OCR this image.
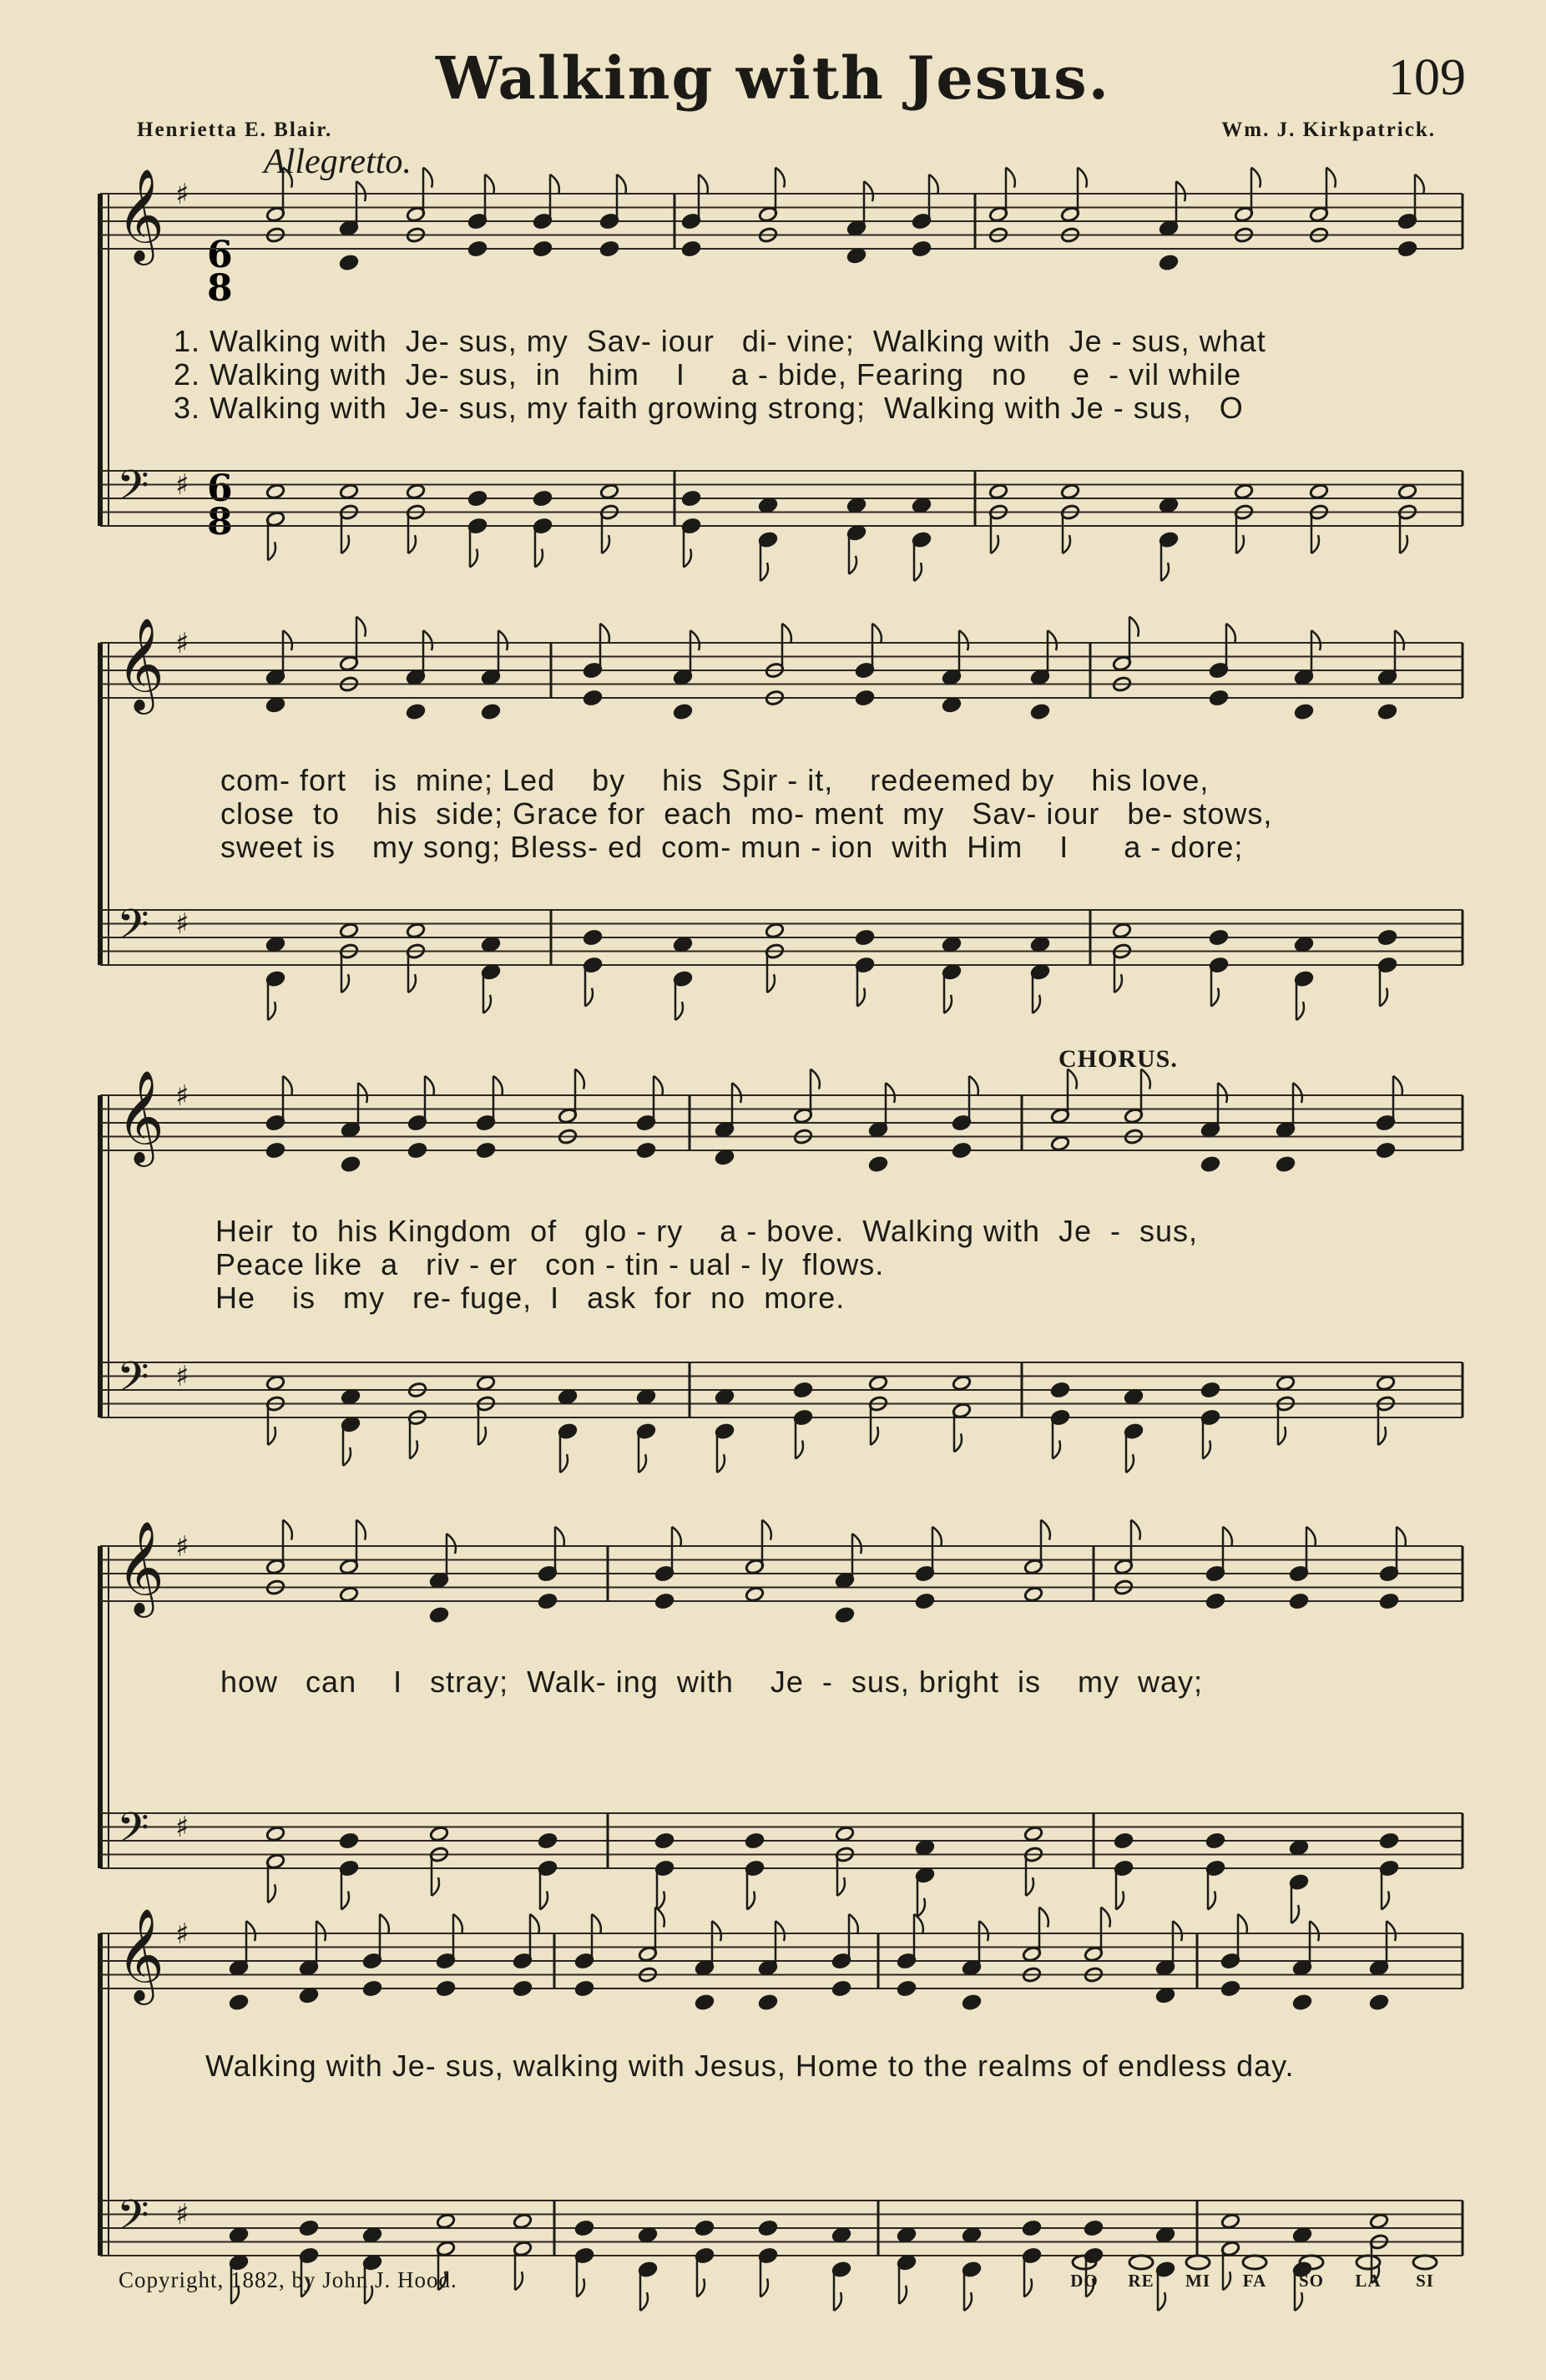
Walking with Jesus.	109
Henrietta E. Blair.	Wm. J. Kirkpatrick.
Allegretto.
CHORUS.
6
8
6
8
𝄞 ♯
𝄢 ♯
𝄞 ♯
𝄢 ♯
𝄞 ♯
𝄢 ♯
𝄞 ♯
𝄢 ♯
𝄞 ♯
𝄢 ♯
1. Walking with  Je- sus, my  Sav- iour   di- vine;  Walking with  Je - sus, what
2. Walking with  Je- sus,  in   him    I     a - bide, Fearing   no     e  - vil while
3. Walking with  Je- sus, my faith growing strong;  Walking with Je - sus,   O
com- fort   is  mine; Led    by    his  Spir - it,    redeemed by    his love,
close  to    his  side; Grace for  each  mo- ment  my   Sav- iour   be- stows,
sweet is    my song; Bless- ed  com- mun - ion  with  Him    I      a - dore;
Heir  to  his Kingdom  of   glo - ry    a - bove.  Walking with  Je  -  sus,
Peace like  a   riv - er   con - tin - ual - ly  flows.
He    is   my   re- fuge,  I   ask  for  no  more.
how   can    I   stray;  Walk- ing  with    Je  -  sus, bright  is    my  way;
Walking with Je- sus, walking with Jesus, Home to the realms of endless day.
Copyright, 1882, by John J. Hood.	DO RE MI FA SO LA SI
